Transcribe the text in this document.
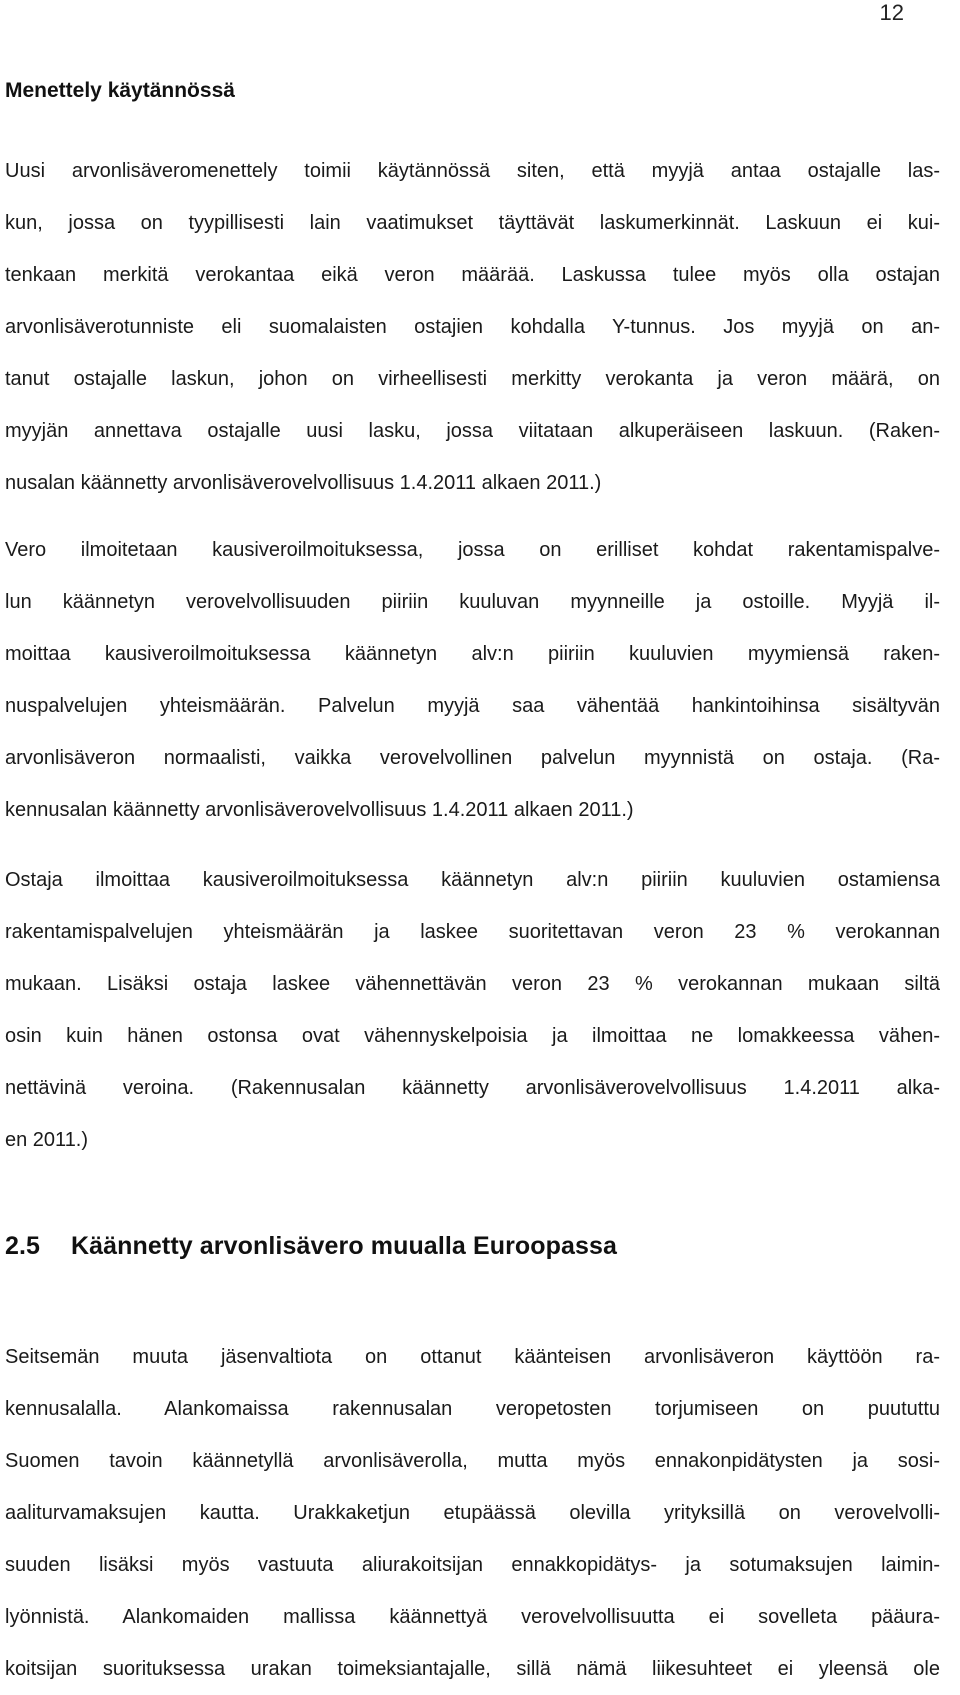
12
Menettely käytännössä
Uusi arvonlisäveromenettely toimii käytännössä siten, että myyjä antaa ostajalle las-
kun, jossa on tyypillisesti lain vaatimukset täyttävät laskumerkinnät. Laskuun ei kui-
tenkaan merkitä verokantaa eikä veron määrää. Laskussa tulee myös olla ostajan
arvonlisäverotunniste eli suomalaisten ostajien kohdalla Y-tunnus. Jos myyjä on an-
tanut ostajalle laskun, johon on virheellisesti merkitty verokanta ja veron määrä, on
myyjän annettava ostajalle uusi lasku, jossa viitataan alkuperäiseen laskuun. (Raken-
nusalan käännetty arvonlisäverovelvollisuus 1.4.2011 alkaen 2011.)
Vero ilmoitetaan kausiveroilmoituksessa, jossa on erilliset kohdat rakentamispalve-
lun käännetyn verovelvollisuuden piiriin kuuluvan myynneille ja ostoille. Myyjä il-
moittaa kausiveroilmoituksessa käännetyn alv:n piiriin kuuluvien myymiensä raken-
nuspalvelujen yhteismäärän. Palvelun myyjä saa vähentää hankintoihinsa sisältyvän
arvonlisäveron normaalisti, vaikka verovelvollinen palvelun myynnistä on ostaja. (Ra-
kennusalan käännetty arvonlisäverovelvollisuus 1.4.2011 alkaen 2011.)
Ostaja ilmoittaa kausiveroilmoituksessa käännetyn alv:n piiriin kuuluvien ostamiensa
rakentamispalvelujen yhteismäärän ja laskee suoritettavan veron 23 % verokannan
mukaan. Lisäksi ostaja laskee vähennettävän veron 23 % verokannan mukaan siltä
osin kuin hänen ostonsa ovat vähennyskelpoisia ja ilmoittaa ne lomakkeessa vähen-
nettävinä veroina. (Rakennusalan käännetty arvonlisäverovelvollisuus 1.4.2011 alka-
en 2011.)
2.5 Käännetty arvonlisävero muualla Euroopassa
Seitsemän muuta jäsenvaltiota on ottanut käänteisen arvonlisäveron käyttöön ra-
kennusalalla. Alankomaissa rakennusalan veropetosten torjumiseen on puututtu
Suomen tavoin käännetyllä arvonlisäverolla, mutta myös ennakonpidätysten ja sosi-
aaliturvamaksujen kautta. Urakkaketjun etupäässä olevilla yrityksillä on verovelvolli-
suuden lisäksi myös vastuuta aliurakoitsijan ennakkopidätys- ja sotumaksujen laimin-
lyönnistä. Alankomaiden mallissa käännettyä verovelvollisuutta ei sovelleta pääura-
koitsijan suorituksessa urakan toimeksiantajalle, sillä nämä liikesuhteet ei yleensä ole
